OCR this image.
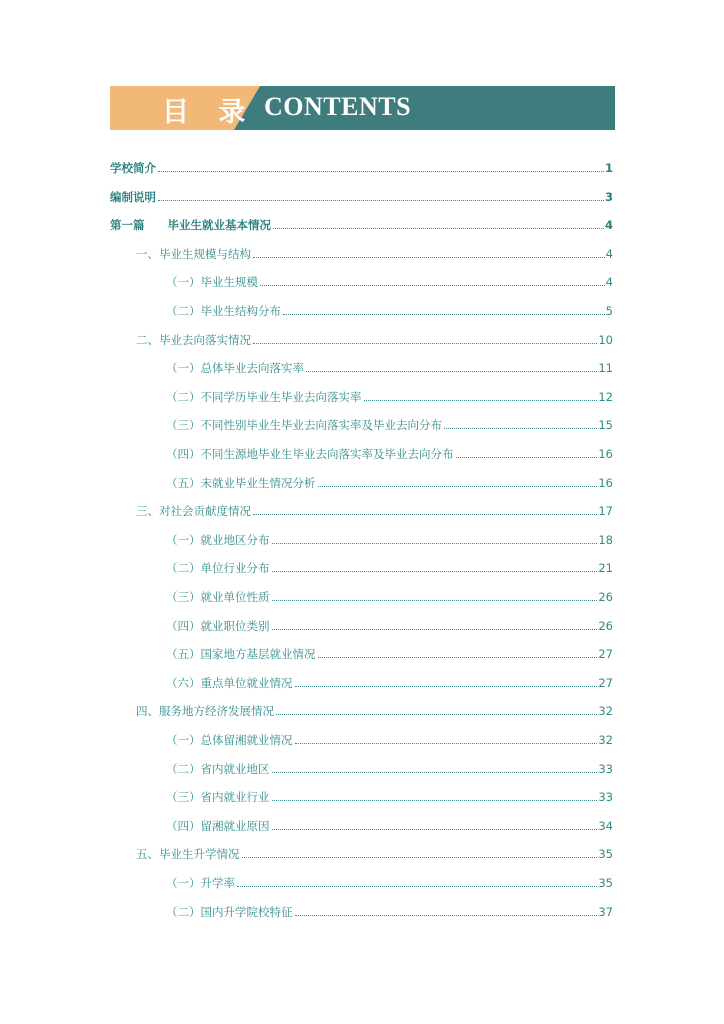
目 录 CONTENTS
学校简介	1
编制说明	3
第一篇　　毕业生就业基本情况	4
一、毕业生规模与结构	4
（一）毕业生规模	4
（二）毕业生结构分布	5
二、毕业去向落实情况	10
（一）总体毕业去向落实率	11
（二）不同学历毕业生毕业去向落实率	12
（三）不同性别毕业生毕业去向落实率及毕业去向分布	15
（四）不同生源地毕业生毕业去向落实率及毕业去向分布	16
（五）未就业毕业生情况分析	16
三、对社会贡献度情况	17
（一）就业地区分布	18
（二）单位行业分布	21
（三）就业单位性质	26
（四）就业职位类别	26
（五）国家地方基层就业情况	27
（六）重点单位就业情况	27
四、服务地方经济发展情况	32
（一）总体留湘就业情况	32
（二）省内就业地区	33
（三）省内就业行业	33
（四）留湘就业原因	34
五、毕业生升学情况	35
（一）升学率	35
（二）国内升学院校特征	37
